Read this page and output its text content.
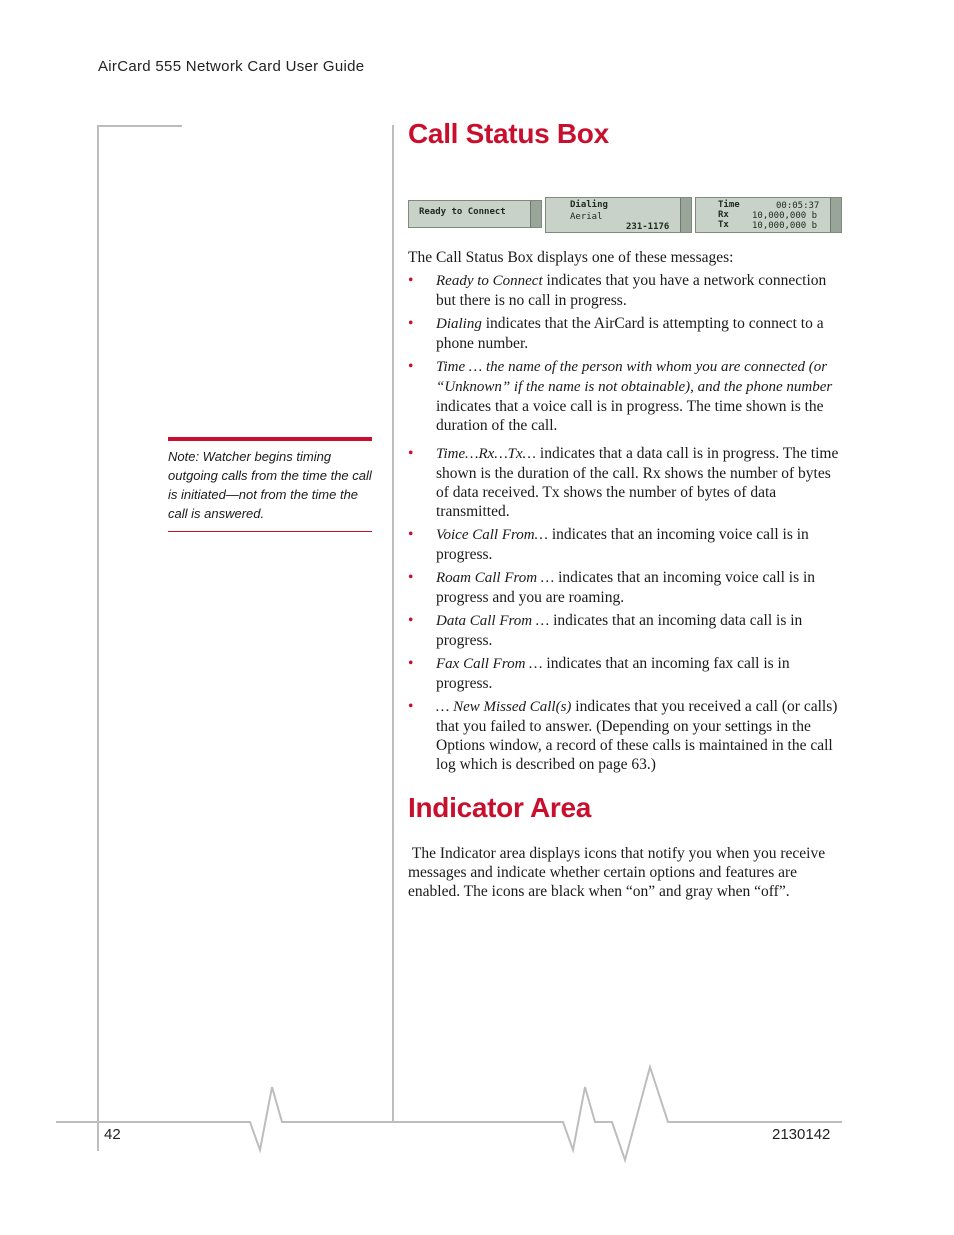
AirCard 555 Network Card User Guide
Call Status Box
Ready to Connect
Dialing
Aerial
231-1176
Time	00:05:37
Rx	10,000,000 b
Tx	10,000,000 b
The Call Status Box displays one of these messages:
• Ready to Connect indicates that you have a network connection but there is no call in progress.
• Dialing indicates that the AirCard is attempting to connect to a phone number.
• Time … the name of the person with whom you are connected (or “Unknown” if the name is not obtainable), and the phone number indicates that a voice call is in progress. The time shown is the duration of the call.
• Time…Rx…Tx… indicates that a data call is in progress. The time shown is the duration of the call. Rx shows the number of bytes of data received. Tx shows the number of bytes of data transmitted.
• Voice Call From… indicates that an incoming voice call is in progress.
• Roam Call From … indicates that an incoming voice call is in progress and you are roaming.
• Data Call From … indicates that an incoming data call is in progress.
• Fax Call From … indicates that an incoming fax call is in progress.
• … New Missed Call(s) indicates that you received a call (or calls) that you failed to answer. (Depending on your settings in the Options window, a record of these calls is maintained in the call log which is described on page 63.)
Note: Watcher begins timing outgoing calls from the time the call is initiated—not from the time the call is answered.
Indicator Area
The Indicator area displays icons that notify you when you receive messages and indicate whether certain options and features are enabled. The icons are black when “on” and gray when “off”.
42	2130142
